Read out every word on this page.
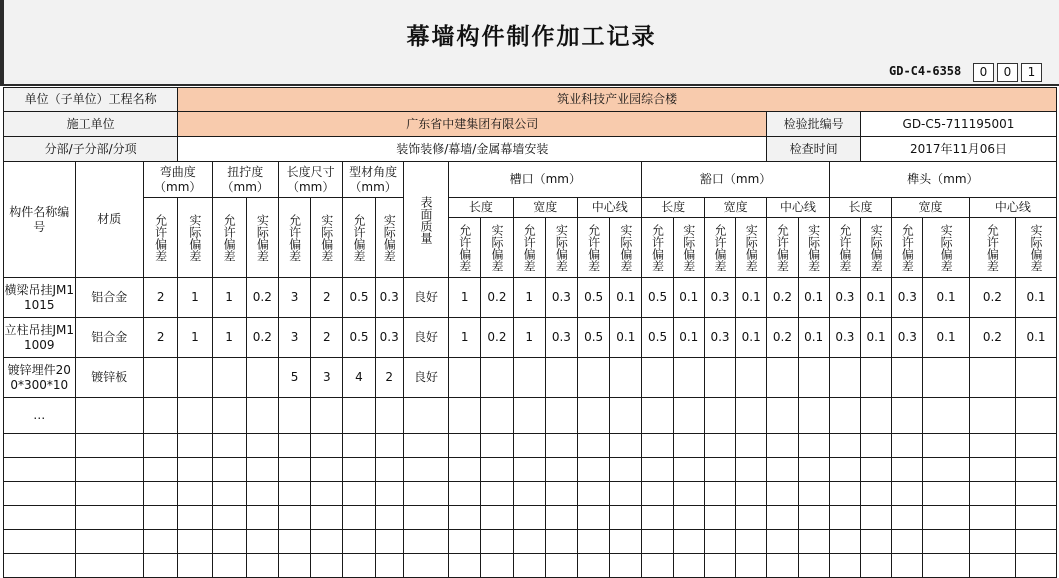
幕墙构件制作加工记录
GD-C4-6358	0	0	1
单位（子单位）工程名称			筑业科技产业园综合楼																									
施工单位			广东省中建集团有限公司																		检验批编号			GD-C5-711195001				
分部/子分部/分项			装饰装修/幕墙/金属幕墙安装																		检查时间			2017年11月06日				
构件名称编号	材质	弯曲度（mm）		扭拧度（mm）		长度尺寸（mm）		型材角度（mm）		表面质量	槽口（mm）						豁口（mm）						榫头（mm）					

		允许偏差	实际偏差	允许偏差	实际偏差	允许偏差	实际偏差	允许偏差	实际偏差		长度		宽度		中心线		长度		宽度		中心线		长度		宽度		中心线	

											允许偏差	实际偏差	允许偏差	实际偏差	允许偏差	实际偏差	允许偏差	实际偏差	允许偏差	实际偏差	允许偏差	实际偏差	允许偏差	实际偏差	允许偏差	实际偏差	允许偏差	实际偏差

横梁吊挂JM11015	铝合金	2	1	1	0.2	3	2	0.5	0.3	良好	1	0.2	1	0.3	0.5	0.1	0.5	0.1	0.3	0.1	0.2	0.1	0.3	0.1	0.3	0.1	0.2	0.1
立柱吊挂JM11009	铝合金	2	1	1	0.2	3	2	0.5	0.3	良好	1	0.2	1	0.3	0.5	0.1	0.5	0.1	0.3	0.1	0.2	0.1	0.3	0.1	0.3	0.1	0.2	0.1
镀锌埋件200*300*10	镀锌板					5	3	4	2	良好																		
…																												
